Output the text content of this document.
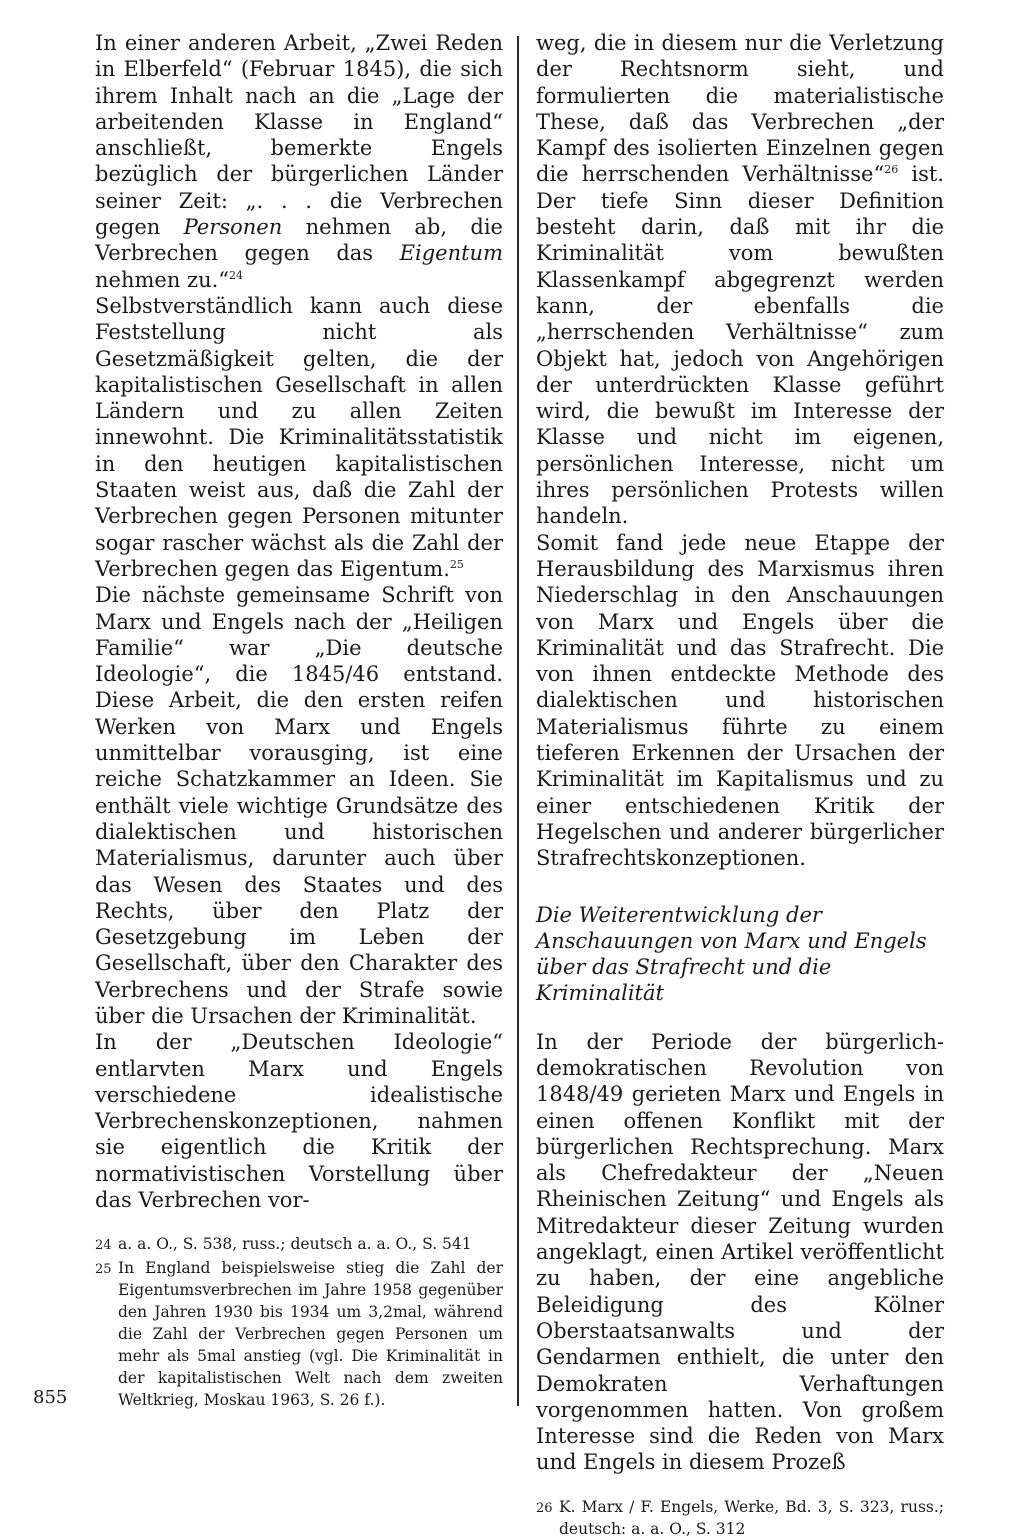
In einer anderen Arbeit, „Zwei Reden in Elberfeld“ (Februar 1845), die sich ihrem Inhalt nach an die „Lage der arbeitenden Klasse in England“ anschließt, bemerkte Engels bezüglich der bürgerlichen Länder seiner Zeit: „. . . die Verbrechen gegen Personen nehmen ab, die Verbrechen gegen das Eigentum nehmen zu.“$^{24}$

Selbstverständlich kann auch diese Feststellung nicht als Gesetzmäßigkeit gelten, die der kapitalistischen Gesellschaft in allen Ländern und zu allen Zeiten innewohnt. Die Kriminalitätsstatistik in den heutigen kapitalistischen Staaten weist aus, daß die Zahl der Verbrechen gegen Personen mitunter sogar rascher wächst als die Zahl der Verbrechen gegen das Eigentum.$^{25}$

Die nächste gemeinsame Schrift von Marx und Engels nach der „Heiligen Familie“ war „Die deutsche Ideologie“, die 1845/46 entstand. Diese Arbeit, die den ersten reifen Werken von Marx und Engels unmittelbar vorausging, ist eine reiche Schatzkammer an Ideen. Sie enthält viele wichtige Grundsätze des dialektischen und historischen Materialismus, darunter auch über das Wesen des Staates und des Rechts, über den Platz der Gesetzgebung im Leben der Gesellschaft, über den Charakter des Verbrechens und der Strafe sowie über die Ursachen der Kriminalität.

In der „Deutschen Ideologie“ entlarvten Marx und Engels verschiedene idealistische Verbrechenskonzeptionen, nahmen sie eigentlich die Kritik der normativistischen Vorstellung über das Verbrechen vor-

24 a. a. O., S. 538, russ.; deutsch a. a. O., S. 541
25 In England beispielsweise stieg die Zahl der Eigentumsverbrechen im Jahre 1958 gegenüber den Jahren 1930 bis 1934 um 3,2mal, während die Zahl der Verbrechen gegen Personen um mehr als 5mal anstieg (vgl. Die Kriminalität in der kapitalistischen Welt nach dem zweiten Weltkrieg, Moskau 1963, S. 26 f.).

weg, die in diesem nur die Verletzung der Rechtsnorm sieht, und formulierten die materialistische These, daß das Verbrechen „der Kampf des isolierten Einzelnen gegen die herrschenden Verhältnisse“$^{26}$ ist. Der tiefe Sinn dieser Definition besteht darin, daß mit ihr die Kriminalität vom bewußten Klassenkampf abgegrenzt werden kann, der ebenfalls die „herrschenden Verhältnisse“ zum Objekt hat, jedoch von Angehörigen der unterdrückten Klasse geführt wird, die bewußt im Interesse der Klasse und nicht im eigenen, persönlichen Interesse, nicht um ihres persönlichen Protests willen handeln.

Somit fand jede neue Etappe der Herausbildung des Marxismus ihren Niederschlag in den Anschauungen von Marx und Engels über die Kriminalität und das Strafrecht. Die von ihnen entdeckte Methode des dialektischen und historischen Materialismus führte zu einem tieferen Erkennen der Ursachen der Kriminalität im Kapitalismus und zu einer entschiedenen Kritik der Hegelschen und anderer bürgerlicher Strafrechtskonzeptionen.

Die Weiterentwicklung der Anschauungen von Marx und Engels über das Strafrecht und die Kriminalität

In der Periode der bürgerlich-demokratischen Revolution von 1848/49 gerieten Marx und Engels in einen offenen Konflikt mit der bürgerlichen Rechtsprechung. Marx als Chefredakteur der „Neuen Rheinischen Zeitung“ und Engels als Mitredakteur dieser Zeitung wurden angeklagt, einen Artikel veröffentlicht zu haben, der eine angebliche Beleidigung des Kölner Oberstaatsanwalts und der Gendarmen enthielt, die unter den Demokraten Verhaftungen vorgenommen hatten. Von großem Interesse sind die Reden von Marx und Engels in diesem Prozeß

26 K. Marx / F. Engels, Werke, Bd. 3, S. 323, russ.; deutsch: a. a. O., S. 312
855
